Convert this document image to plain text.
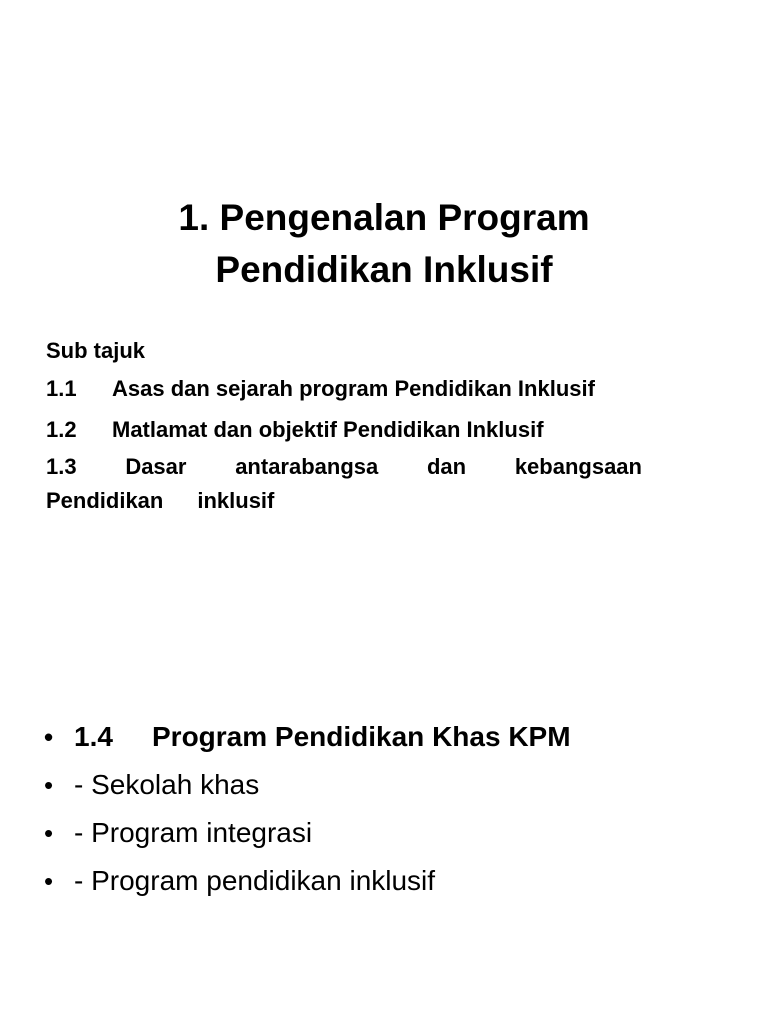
1. Pengenalan Program
Pendidikan Inklusif
Sub tajuk
1.1 Asas dan sejarah program Pendidikan Inklusif
1.2 Matlamat dan objektif Pendidikan Inklusif
1.3 Dasar antarabangsa dan kebangsaan
Pendidikan inklusif
• 1.4	Program Pendidikan Khas KPM
• - Sekolah khas
• - Program integrasi
• - Program pendidikan inklusif
